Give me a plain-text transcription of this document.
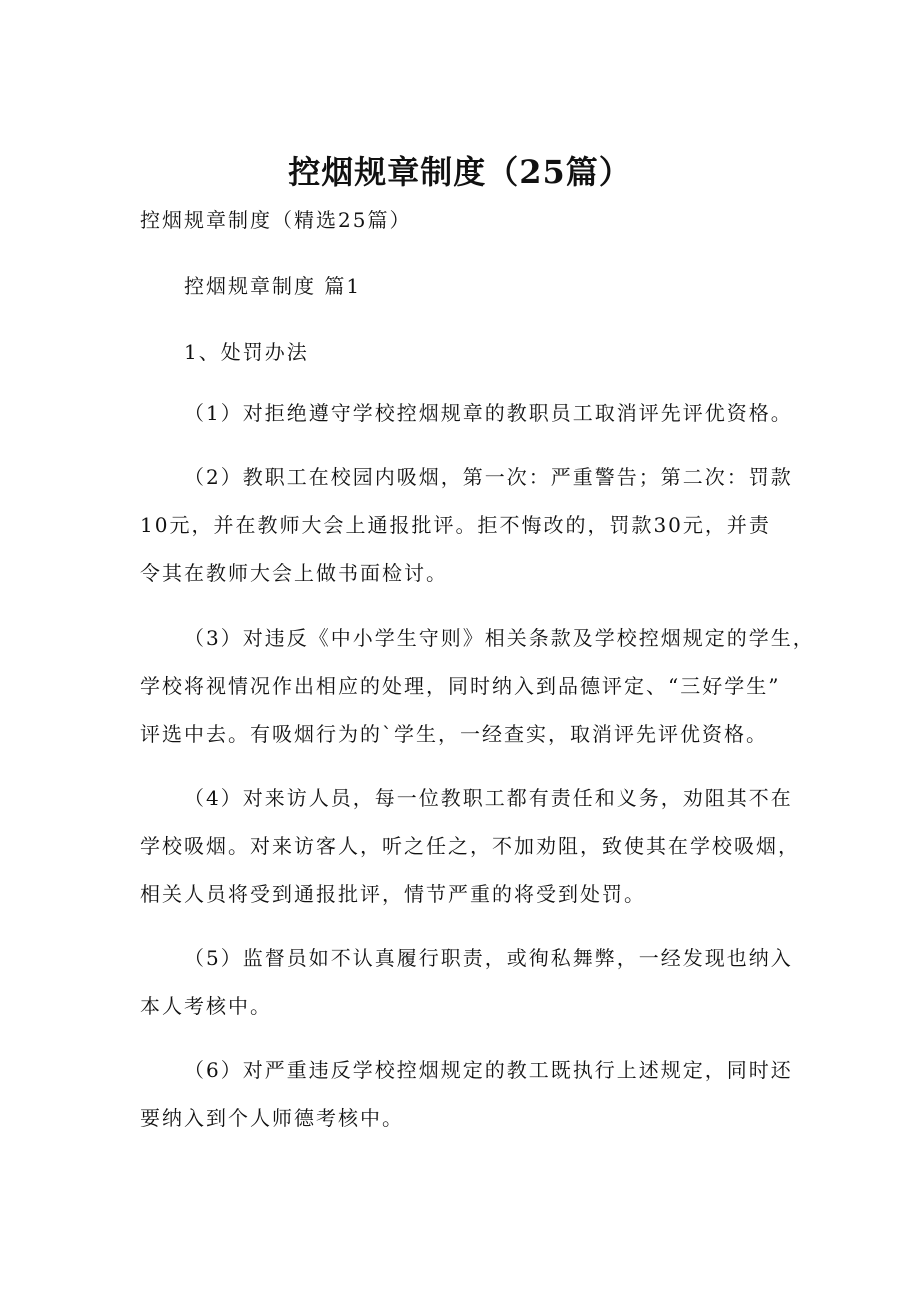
控烟规章制度（25篇）
控烟规章制度（精选25篇）
控烟规章制度 篇1
1、处罚办法
（1）对拒绝遵守学校控烟规章的教职员工取消评先评优资格。
（2）教职工在校园内吸烟，第一次：严重警告；第二次：罚款
10元，并在教师大会上通报批评。拒不悔改的，罚款30元，并责
令其在教师大会上做书面检讨。
（3）对违反《中小学生守则》相关条款及学校控烟规定的学生，
学校将视情况作出相应的处理，同时纳入到品德评定、“三好学生”
评选中去。有吸烟行为的`学生，一经查实，取消评先评优资格。
（4）对来访人员，每一位教职工都有责任和义务，劝阻其不在
学校吸烟。对来访客人，听之任之，不加劝阻，致使其在学校吸烟，
相关人员将受到通报批评，情节严重的将受到处罚。
（5）监督员如不认真履行职责，或徇私舞弊，一经发现也纳入
本人考核中。
（6）对严重违反学校控烟规定的教工既执行上述规定，同时还
要纳入到个人师德考核中。
